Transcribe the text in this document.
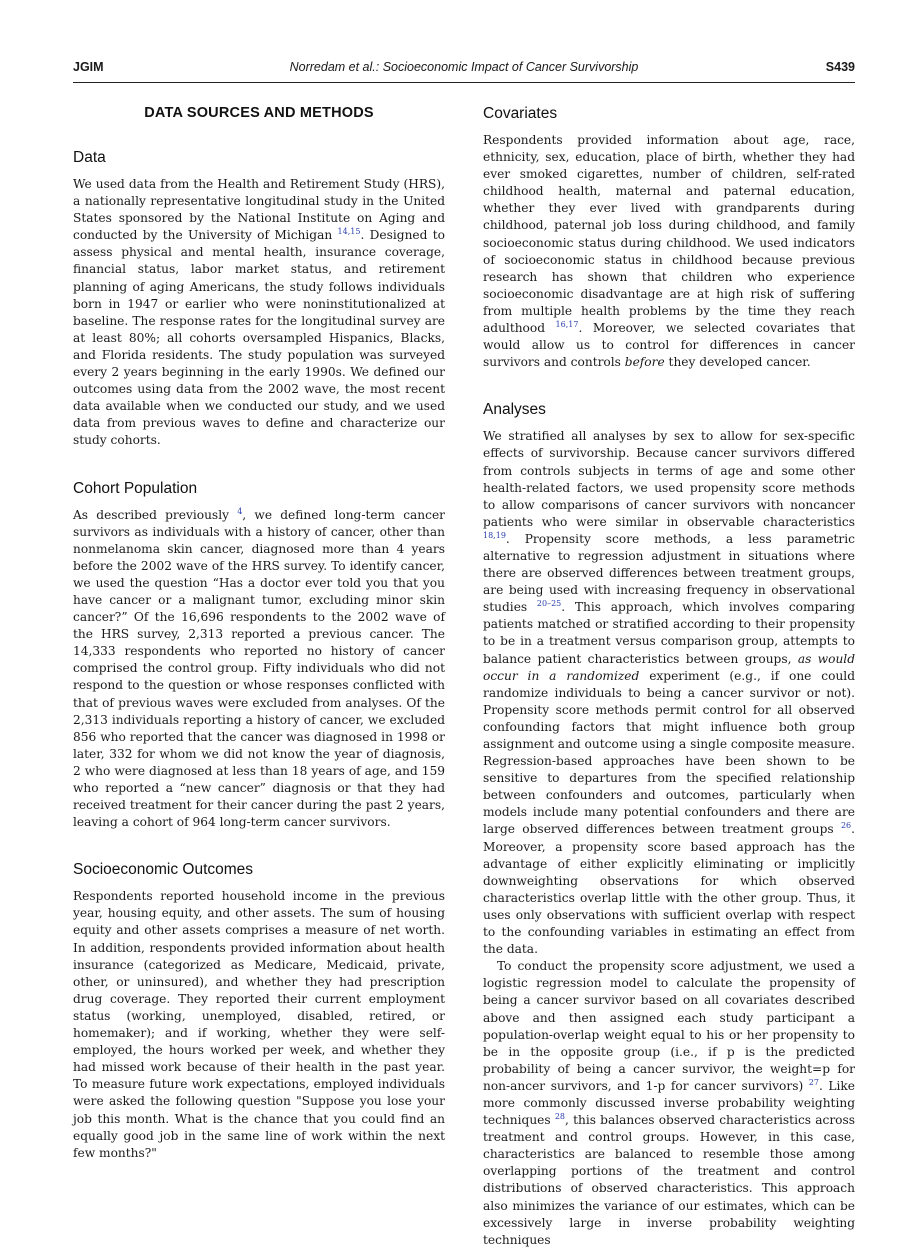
JGIM	Norredam et al.: Socioeconomic Impact of Cancer Survivorship	S439
DATA SOURCES AND METHODS
Data

We used data from the Health and Retirement Study (HRS), a nationally representative longitudinal study in the United States sponsored by the National Institute on Aging and conducted by the University of Michigan $^{14,15}$. Designed to assess physical and mental health, insurance coverage, financial status, labor market status, and retirement planning of aging Americans, the study follows individuals born in 1947 or earlier who were noninstitutionalized at baseline. The response rates for the longitudinal survey are at least 80%; all cohorts oversampled Hispanics, Blacks, and Florida residents. The study population was surveyed every 2 years beginning in the early 1990s. We defined our outcomes using data from the 2002 wave, the most recent data available when we conducted our study, and we used data from previous waves to define and characterize our study cohorts.

Cohort Population

As described previously $^4$, we defined long-term cancer survivors as individuals with a history of cancer, other than nonmelanoma skin cancer, diagnosed more than 4 years before the 2002 wave of the HRS survey. To identify cancer, we used the question “Has a doctor ever told you that you have cancer or a malignant tumor, excluding minor skin cancer?” Of the 16,696 respondents to the 2002 wave of the HRS survey, 2,313 reported a previous cancer. The 14,333 respondents who reported no history of cancer comprised the control group. Fifty individuals who did not respond to the question or whose responses conflicted with that of previous waves were excluded from analyses. Of the 2,313 individuals reporting a history of cancer, we excluded 856 who reported that the cancer was diagnosed in 1998 or later, 332 for whom we did not know the year of diagnosis, 2 who were diagnosed at less than 18 years of age, and 159 who reported a “new cancer” diagnosis or that they had received treatment for their cancer during the past 2 years, leaving a cohort of 964 long-term cancer survivors.

Socioeconomic Outcomes

Respondents reported household income in the previous year, housing equity, and other assets. The sum of housing equity and other assets comprises a measure of net worth. In addition, respondents provided information about health insurance (categorized as Medicare, Medicaid, private, other, or uninsured), and whether they had prescription drug coverage. They reported their current employment status (working, unemployed, disabled, retired, or homemaker); and if working, whether they were self-employed, the hours worked per week, and whether they had missed work because of their health in the past year. To measure future work expectations, employed individuals were asked the following question "Suppose you lose your job this month. What is the chance that you could find an equally good job in the same line of work within the next few months?"

Covariates

Respondents provided information about age, race, ethnicity, sex, education, place of birth, whether they had ever smoked cigarettes, number of children, self-rated childhood health, maternal and paternal education, whether they ever lived with grandparents during childhood, paternal job loss during childhood, and family socioeconomic status during childhood. We used indicators of socioeconomic status in childhood because previous research has shown that children who experience socioeconomic disadvantage are at high risk of suffering from multiple health problems by the time they reach adulthood $^{16,17}$. Moreover, we selected covariates that would allow us to control for differences in cancer survivors and controls before they developed cancer.

Analyses

We stratified all analyses by sex to allow for sex-specific effects of survivorship. Because cancer survivors differed from controls subjects in terms of age and some other health-related factors, we used propensity score methods to allow comparisons of cancer survivors with noncancer patients who were similar in observable characteristics $^{18,19}$. Propensity score methods, a less parametric alternative to regression adjustment in situations where there are observed differences between treatment groups, are being used with increasing frequency in observational studies $^{20-25}$. This approach, which involves comparing patients matched or stratified according to their propensity to be in a treatment versus comparison group, attempts to balance patient characteristics between groups, as would occur in a randomized experiment (e.g., if one could randomize individuals to being a cancer survivor or not). Propensity score methods permit control for all observed confounding factors that might influence both group assignment and outcome using a single composite measure. Regression-based approaches have been shown to be sensitive to departures from the specified relationship between confounders and outcomes, particularly when models include many potential confounders and there are large observed differences between treatment groups $^{26}$. Moreover, a propensity score based approach has the advantage of either explicitly eliminating or implicitly downweighting observations for which observed characteristics overlap little with the other group. Thus, it uses only observations with sufficient overlap with respect to the confounding variables in estimating an effect from the data.

To conduct the propensity score adjustment, we used a logistic regression model to calculate the propensity of being a cancer survivor based on all covariates described above and then assigned each study participant a population-overlap weight equal to his or her propensity to be in the opposite group (i.e., if p is the predicted probability of being a cancer survivor, the weight=p for non-ancer survivors, and 1-p for cancer survivors) $^{27}$. Like more commonly discussed inverse probability weighting techniques $^{28}$, this balances observed characteristics across treatment and control groups. However, in this case, characteristics are balanced to resemble those among overlapping portions of the treatment and control distributions of observed characteristics. This approach also minimizes the variance of our estimates, which can be excessively large in inverse probability weighting techniques
